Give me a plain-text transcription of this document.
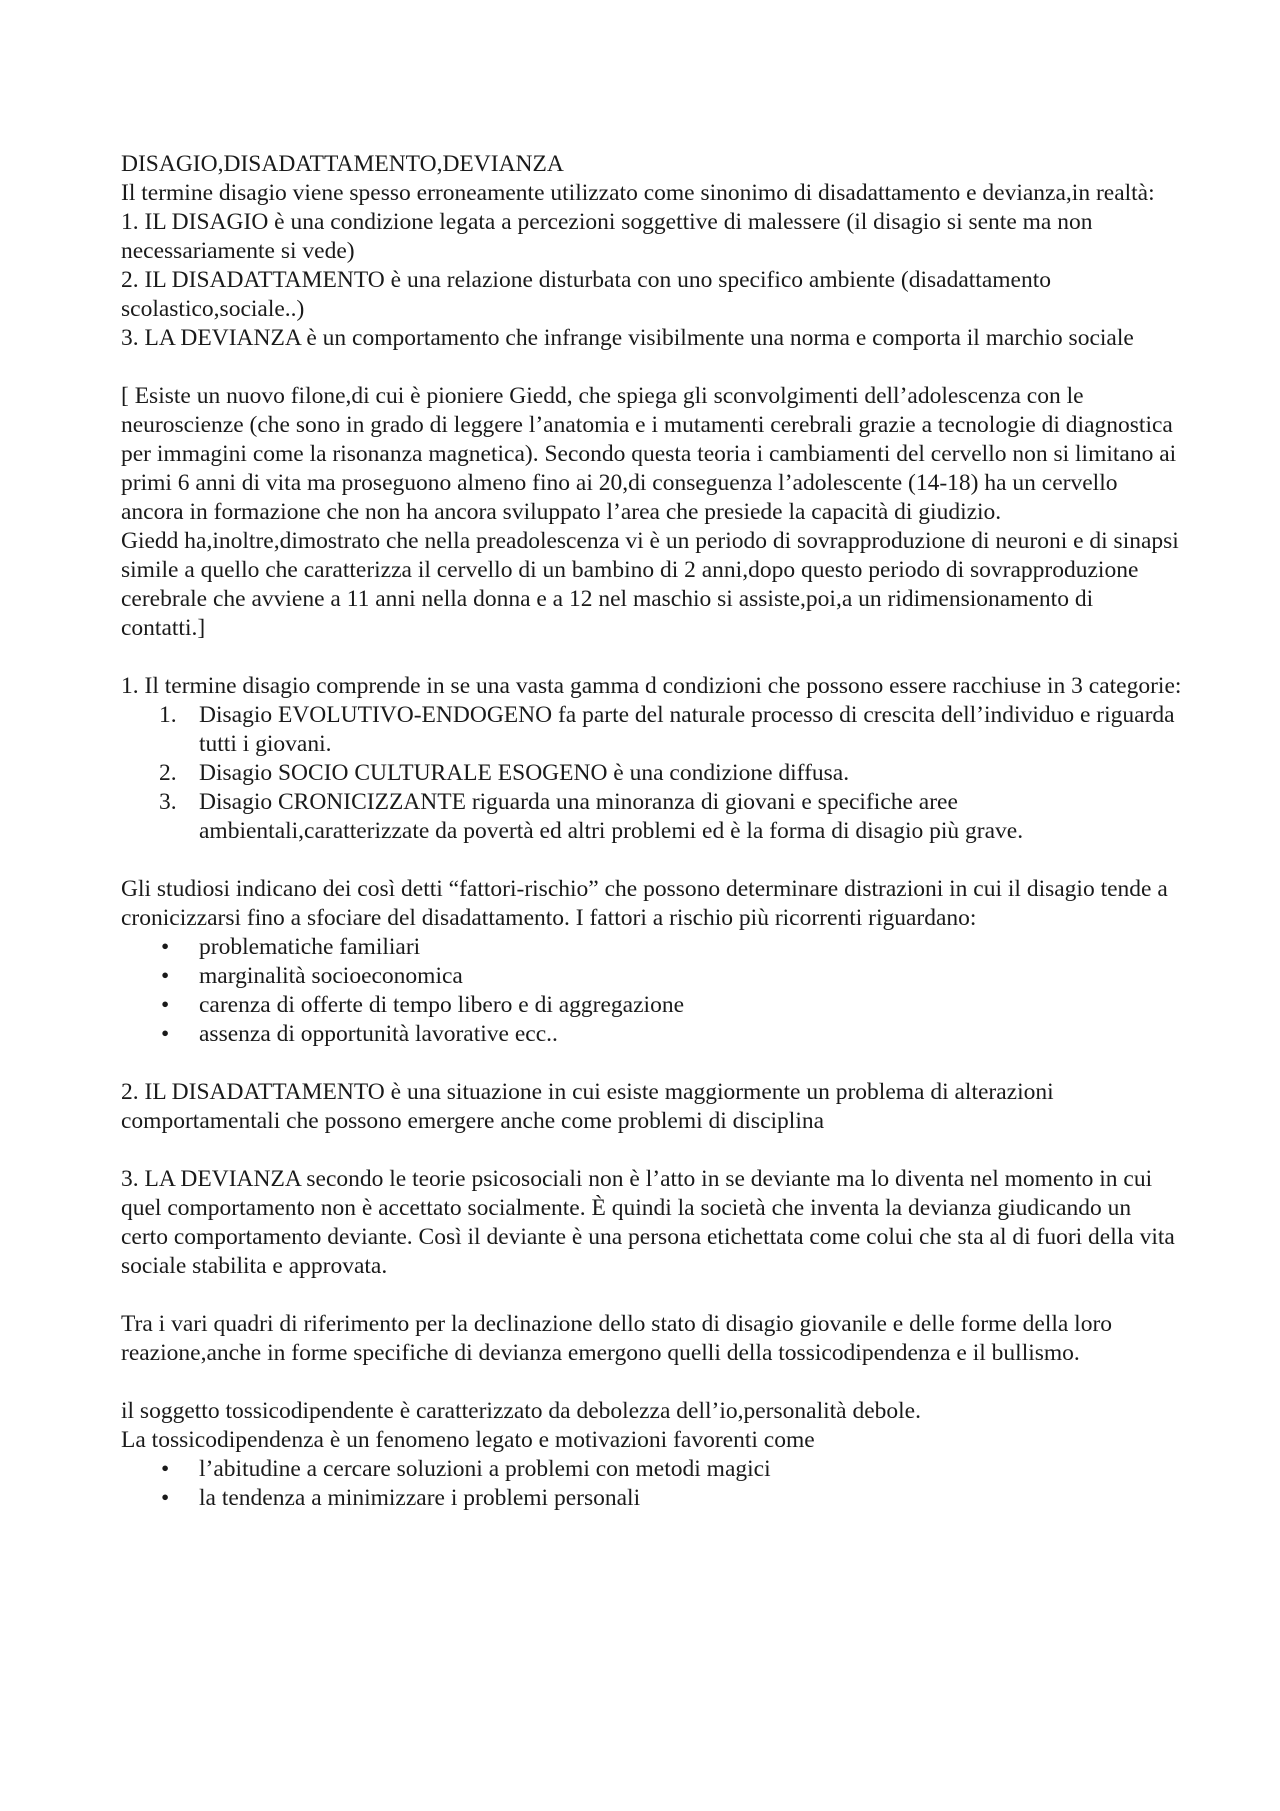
DISAGIO,DISADATTAMENTO,DEVIANZA

Il termine disagio viene spesso erroneamente utilizzato come sinonimo di disadattamento e devianza,in realtà:

1. IL DISAGIO è una condizione legata a percezioni soggettive di malessere (il disagio si sente ma non necessariamente si vede)

2. IL DISADATTAMENTO è una relazione disturbata con uno specifico ambiente (disadattamento scolastico,sociale..)

3. LA DEVIANZA è un comportamento che infrange visibilmente una norma e comporta il marchio sociale

[ Esiste un nuovo filone,di cui è pioniere Giedd, che spiega gli sconvolgimenti dell’adolescenza con le neuroscienze (che sono in grado di leggere l’anatomia e i mutamenti cerebrali grazie a tecnologie di diagnostica per immagini come la risonanza magnetica). Secondo questa teoria i cambiamenti del cervello non si limitano ai primi 6 anni di vita ma proseguono almeno fino ai 20,di conseguenza l’adolescente (14-18) ha un cervello ancora in formazione che non ha ancora sviluppato l’area che presiede la capacità di giudizio.

Giedd ha,inoltre,dimostrato che nella preadolescenza vi è un periodo di sovrapproduzione di neuroni e di sinapsi simile a quello che caratterizza il cervello di un bambino di 2 anni,dopo questo periodo di sovrapproduzione cerebrale che avviene a 11 anni nella donna e a 12 nel maschio si assiste,poi,a un ridimensionamento di contatti.]

1. Il termine disagio comprende in se una vasta gamma d condizioni che possono essere racchiuse in 3 categorie:

1. Disagio EVOLUTIVO-ENDOGENO fa parte del naturale processo di crescita dell’individuo e riguarda tutti i giovani.
2. Disagio SOCIO CULTURALE ESOGENO è una condizione diffusa.
3. Disagio CRONICIZZANTE riguarda una minoranza di giovani e specifiche aree ambientali,caratterizzate da povertà ed altri problemi ed è la forma di disagio più grave.

Gli studiosi indicano dei così detti “fattori-rischio” che possono determinare distrazioni in cui il disagio tende a cronicizzarsi fino a sfociare del disadattamento. I fattori a rischio più ricorrenti riguardano:

• problematiche familiari
• marginalità socioeconomica
• carenza di offerte di tempo libero e di aggregazione
• assenza di opportunità lavorative ecc..

2. IL DISADATTAMENTO è una situazione in cui esiste maggiormente un problema di alterazioni comportamentali che possono emergere anche come problemi di disciplina

3. LA DEVIANZA secondo le teorie psicosociali non è l’atto in se deviante ma lo diventa nel momento in cui quel comportamento non è accettato socialmente. È quindi la società che inventa la devianza giudicando un certo comportamento deviante. Così il deviante è una persona etichettata come colui che sta al di fuori della vita sociale stabilita e approvata.

Tra i vari quadri di riferimento per la declinazione dello stato di disagio giovanile e delle forme della loro reazione,anche in forme specifiche di devianza emergono quelli della tossicodipendenza e il bullismo.

il soggetto tossicodipendente è caratterizzato da debolezza dell’io,personalità debole.

La tossicodipendenza è un fenomeno legato e motivazioni favorenti come

• l’abitudine a cercare soluzioni a problemi con metodi magici
• la tendenza a minimizzare i problemi personali
